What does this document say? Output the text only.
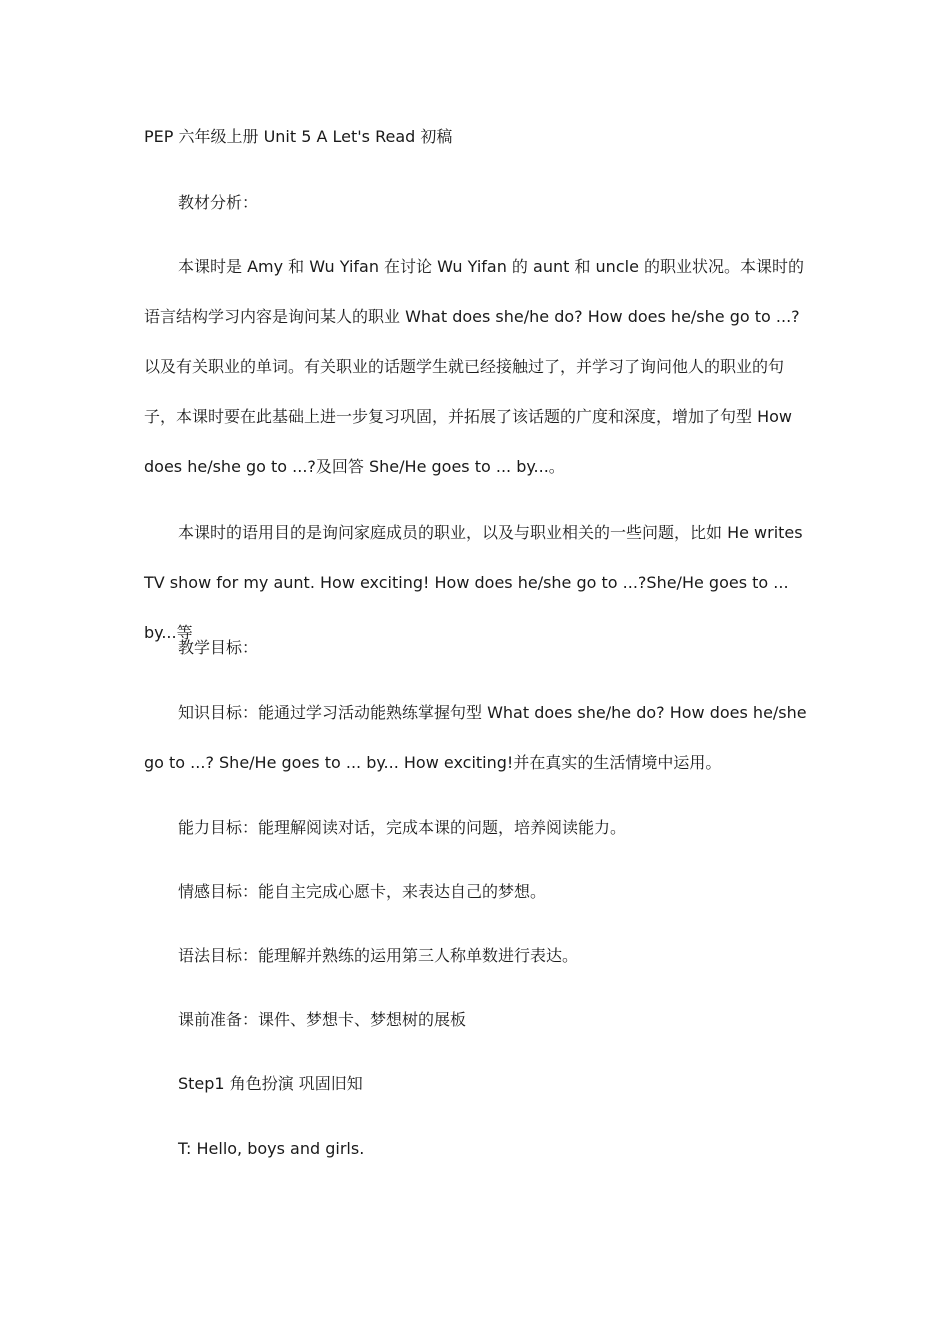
PEP 六年级上册 Unit 5 A Let's Read 初稿

教材分析：

本课时是 Amy 和 Wu Yifan 在讨论 Wu Yifan 的 aunt 和 uncle 的职业状况。本课时的语言结构学习内容是询问某人的职业 What does she/he do? How does he/she go to ...?以及有关职业的单词。有关职业的话题学生就已经接触过了，并学习了询问他人的职业的句子，本课时要在此基础上进一步复习巩固，并拓展了该话题的广度和深度，增加了句型 How does he/she go to ...?及回答 She/He goes to ... by...。

本课时的语用目的是询问家庭成员的职业，以及与职业相关的一些问题，比如 He writes TV show for my aunt. How exciting! How does he/she go to ...?She/He goes to ... by...等

教学目标：

知识目标：能通过学习活动能熟练掌握句型 What does she/he do? How does he/she go to ...? She/He goes to ... by... How exciting!并在真实的生活情境中运用。

能力目标：能理解阅读对话，完成本课的问题，培养阅读能力。

情感目标：能自主完成心愿卡，来表达自己的梦想。

语法目标：能理解并熟练的运用第三人称单数进行表达。

课前准备：课件、梦想卡、梦想树的展板

Step1 角色扮演 巩固旧知

T: Hello, boys and girls.
